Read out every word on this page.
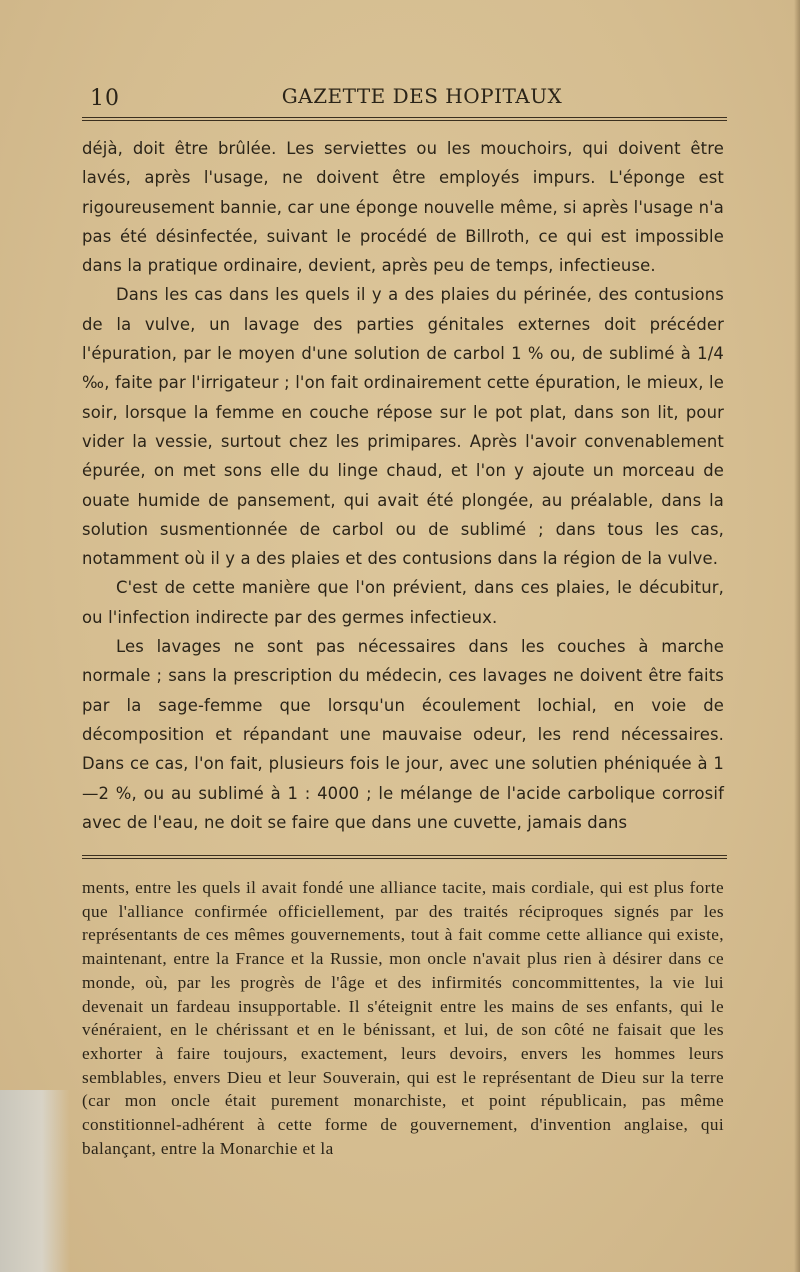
10	GAZETTE DES HOPITAUX

déjà, doit être brûlée. Les serviettes ou les mouchoirs, qui doivent être lavés, après l'usage, ne doivent être employés impurs. L'éponge est rigoureusement bannie, car une éponge nouvelle même, si après l'usage n'a pas été désinfectée, suivant le procédé de Billroth, ce qui est impossible dans la pratique ordinaire, devient, après peu de temps, infectieuse.

Dans les cas dans les quels il y a des plaies du périnée, des contusions de la vulve, un lavage des parties génitales externes doit précéder l'épuration, par le moyen d'une solution de carbol 1 % ou, de sublimé à 1/4 ‰, faite par l'irrigateur ; l'on fait ordinairement cette épuration, le mieux, le soir, lorsque la femme en couche répose sur le pot plat, dans son lit, pour vider la vessie, surtout chez les primipares. Après l'avoir convenablement épurée, on met sons elle du linge chaud, et l'on y ajoute un morceau de ouate humide de pansement, qui avait été plongée, au préalable, dans la solution susmentionnée de carbol ou de sublimé ; dans tous les cas, notamment où il y a des plaies et des contusions dans la région de la vulve.

C'est de cette manière que l'on prévient, dans ces plaies, le décubitur, ou l'infection indirecte par des germes infectieux.

Les lavages ne sont pas nécessaires dans les couches à marche normale ; sans la prescription du médecin, ces lavages ne doivent être faits par la sage-femme que lorsqu'un écoulement lochial, en voie de décomposition et répandant une mauvaise odeur, les rend nécessaires. Dans ce cas, l'on fait, plusieurs fois le jour, avec une solutien phéniquée à 1—2 %, ou au sublimé à 1 : 4000 ; le mélange de l'acide carbolique corrosif avec de l'eau, ne doit se faire que dans une cuvette, jamais dans

ments, entre les quels il avait fondé une alliance tacite, mais cordiale, qui est plus forte que l'alliance confirmée officiellement, par des traités réciproques signés par les représentants de ces mêmes gouvernements, tout à fait comme cette alliance qui existe, maintenant, entre la France et la Russie, mon oncle n'avait plus rien à désirer dans ce monde, où, par les progrès de l'âge et des infirmités concommittentes, la vie lui devenait un fardeau insupportable. Il s'éteignit entre les mains de ses enfants, qui le vénéraient, en le chérissant et en le bénissant, et lui, de son côté ne faisait que les exhorter à faire toujours, exactement, leurs devoirs, envers les hommes leurs semblables, envers Dieu et leur Souverain, qui est le représentant de Dieu sur la terre (car mon oncle était purement monarchiste, et point républicain, pas même constitionnel-adhérent à cette forme de gouvernement, d'invention anglaise, qui balançant, entre la Monarchie et la
